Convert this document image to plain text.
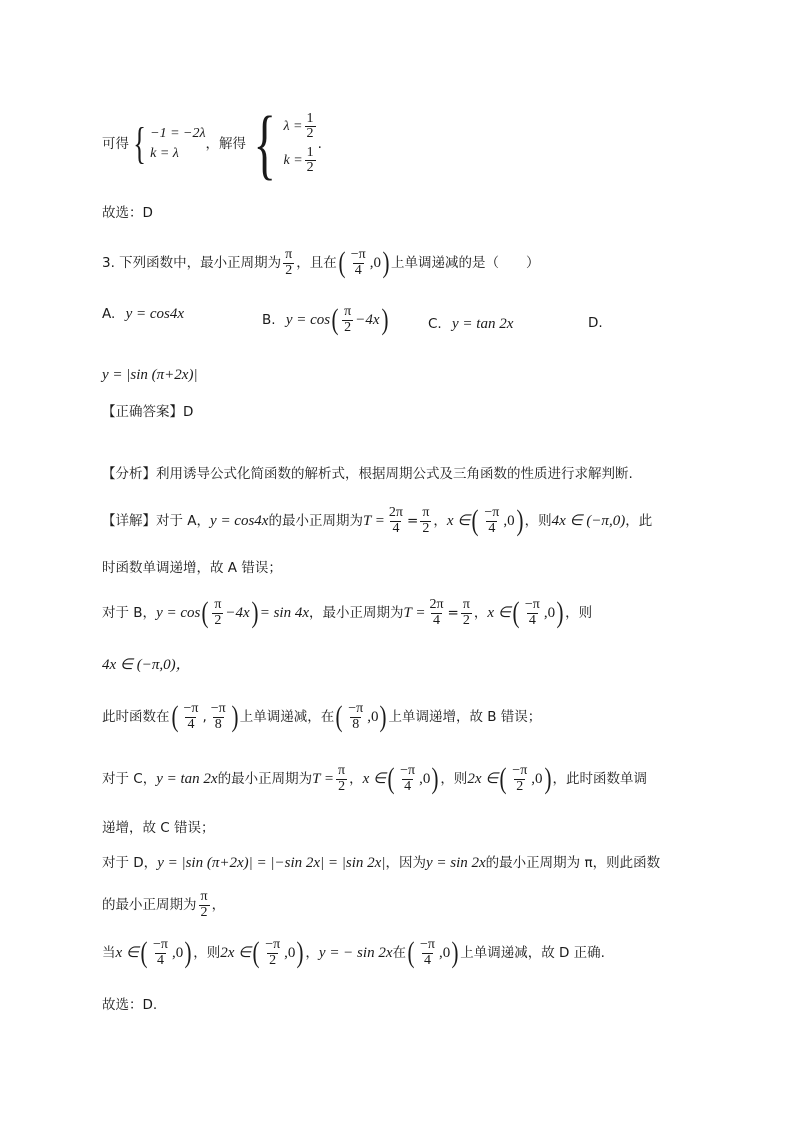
可得 { −1 = −2λ
k = λ
，解得 { $\lambda = \frac{1}{2}$
$k = \frac{1}{2}$
.
故选：D
3. 下列函数中，最小正周期为 $\frac{\pi}{2}$ ，且在( $\frac{-\pi}{4} ,0$) 上单调递减的是（　　）
A. y = cos4x	B. $y = \cos( \frac{\pi}{2} -4x)$	C. y = tan 2x	D.
y = |sin (π+2x)|
【正确答案】D
【分析】利用诱导公式化简函数的解析式，根据周期公式及三角函数的性质进行求解判断.
【详解】对于 A，y = cos4x的最小正周期为$T = \frac{2\pi}{4} = \frac{\pi}{2}$ ，x ∈( $\frac{-\pi}{4} ,0$) ，则4x ∈ (−π,0)，此
时函数单调递增，故 A 错误；
对于 B，$y = \cos( \frac{\pi}{2} -4x) = \sin 4x$，最小正周期为$T = \frac{2\pi}{4} = \frac{\pi}{2}$ ，x ∈( $\frac{-\pi}{4} ,0$) ，则
4x ∈ (−π,0)，
此时函数在( $\frac{-\pi}{4}$ , $\frac{-\pi}{8}$ ) 上单调递减，在( $\frac{-\pi}{8} ,0$) 上单调递增，故 B 错误；
对于 C，y = tan 2x的最小正周期为$T = \frac{\pi}{2}$ ，x ∈( $\frac{-\pi}{4} ,0$) ，则2x ∈( $\frac{-\pi}{2} ,0$) ，此时函数单调
递增，故 C 错误；
对于 D，y = |sin (π+2x)| = |−sin 2x| = |sin 2x|，因为y = sin 2x的最小正周期为 π，则此函数
的最小正周期为 $\frac{\pi}{2}$ ，
当x ∈( $\frac{-\pi}{4} ,0$) ，则2x ∈( $\frac{-\pi}{2} ,0$) ，y = − sin 2x在( $\frac{-\pi}{4} ,0$) 上单调递减，故 D 正确.
故选：D.
